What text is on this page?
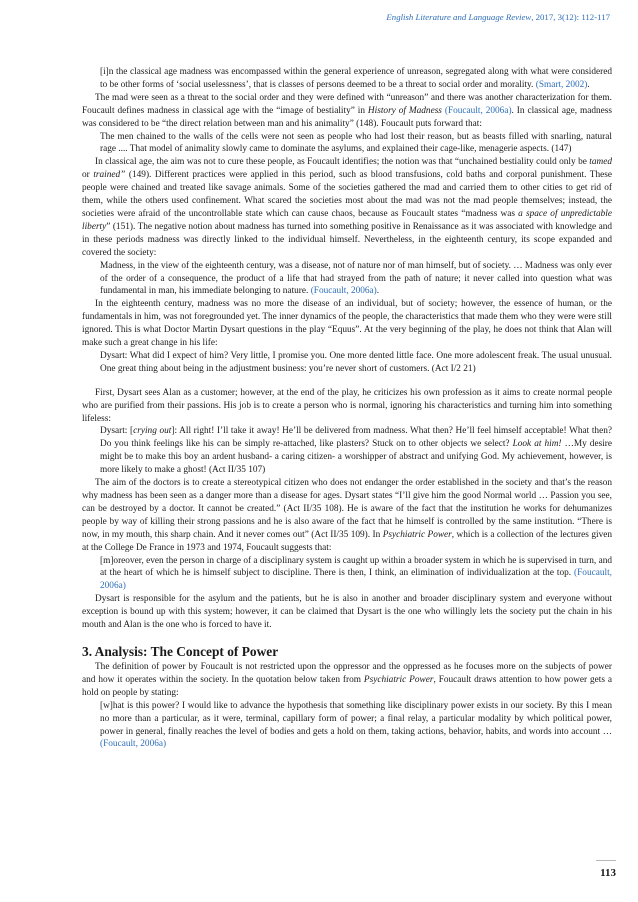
English Literature and Language Review, 2017, 3(12): 112-117
[i]n the classical age madness was encompassed within the general experience of unreason, segregated along with what were considered to be other forms of ‘social uselessness’, that is classes of persons deemed to be a threat to social order and morality. (Smart, 2002).

The mad were seen as a threat to the social order and they were defined with “unreason” and there was another characterization for them. Foucault defines madness in classical age with the “image of bestiality” in History of Madness (Foucault, 2006a). In classical age, madness was considered to be “the direct relation between man and his animality” (148). Foucault puts forward that:

The men chained to the walls of the cells were not seen as people who had lost their reason, but as beasts filled with snarling, natural rage .... That model of animality slowly came to dominate the asylums, and explained their cage-like, menagerie aspects. (147)

In classical age, the aim was not to cure these people, as Foucault identifies; the notion was that “unchained bestiality could only be tamed or trained” (149). Different practices were applied in this period, such as blood transfusions, cold baths and corporal punishment. These people were chained and treated like savage animals. Some of the societies gathered the mad and carried them to other cities to get rid of them, while the others used confinement. What scared the societies most about the mad was not the mad people themselves; instead, the societies were afraid of the uncontrollable state which can cause chaos, because as Foucault states “madness was a space of unpredictable liberty” (151). The negative notion about madness has turned into something positive in Renaissance as it was associated with knowledge and in these periods madness was directly linked to the individual himself. Nevertheless, in the eighteenth century, its scope expanded and covered the society:

Madness, in the view of the eighteenth century, was a disease, not of nature nor of man himself, but of society. … Madness was only ever of the order of a consequence, the product of a life that had strayed from the path of nature; it never called into question what was fundamental in man, his immediate belonging to nature. (Foucault, 2006a).

In the eighteenth century, madness was no more the disease of an individual, but of society; however, the essence of human, or the fundamentals in him, was not foregrounded yet. The inner dynamics of the people, the characteristics that made them who they were were still ignored. This is what Doctor Martin Dysart questions in the play “Equus”. At the very beginning of the play, he does not think that Alan will make such a great change in his life:

Dysart: What did I expect of him? Very little, I promise you. One more dented little face. One more adolescent freak. The usual unusual. One great thing about being in the adjustment business: you’re never short of customers. (Act I/2 21)

First, Dysart sees Alan as a customer; however, at the end of the play, he criticizes his own profession as it aims to create normal people who are purified from their passions. His job is to create a person who is normal, ignoring his characteristics and turning him into something lifeless:

Dysart: [crying out]: All right! I’ll take it away! He’ll be delivered from madness. What then? He’ll feel himself acceptable! What then? Do you think feelings like his can be simply re-attached, like plasters? Stuck on to other objects we select? Look at him! …My desire might be to make this boy an ardent husband- a caring citizen- a worshipper of abstract and unifying God. My achievement, however, is more likely to make a ghost! (Act II/35 107)

The aim of the doctors is to create a stereotypical citizen who does not endanger the order established in the society and that’s the reason why madness has been seen as a danger more than a disease for ages. Dysart states “I’ll give him the good Normal world … Passion you see, can be destroyed by a doctor. It cannot be created.” (Act II/35 108). He is aware of the fact that the institution he works for dehumanizes people by way of killing their strong passions and he is also aware of the fact that he himself is controlled by the same institution. “There is now, in my mouth, this sharp chain. And it never comes out” (Act II/35 109). In Psychiatric Power, which is a collection of the lectures given at the College De France in 1973 and 1974, Foucault suggests that:

[m]oreover, even the person in charge of a disciplinary system is caught up within a broader system in which he is supervised in turn, and at the heart of which he is himself subject to discipline. There is then, I think, an elimination of individualization at the top. (Foucault, 2006a)

Dysart is responsible for the asylum and the patients, but he is also in another and broader disciplinary system and everyone without exception is bound up with this system; however, it can be claimed that Dysart is the one who willingly lets the society put the chain in his mouth and Alan is the one who is forced to have it.

3. Analysis: The Concept of Power

The definition of power by Foucault is not restricted upon the oppressor and the oppressed as he focuses more on the subjects of power and how it operates within the society. In the quotation below taken from Psychiatric Power, Foucault draws attention to how power gets a hold on people by stating:

[w]hat is this power? I would like to advance the hypothesis that something like disciplinary power exists in our society. By this I mean no more than a particular, as it were, terminal, capillary form of power; a final relay, a particular modality by which political power, power in general, finally reaches the level of bodies and gets a hold on them, taking actions, behavior, habits, and words into account …(Foucault, 2006a)
113
